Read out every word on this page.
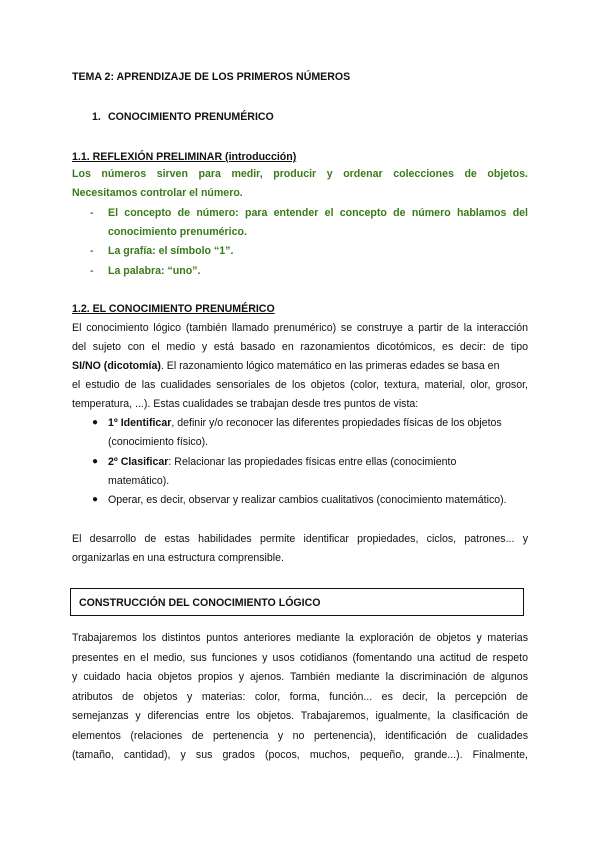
TEMA 2: APRENDIZAJE DE LOS PRIMEROS NÚMEROS
1. CONOCIMIENTO PRENUMÉRICO
1.1. REFLEXIÓN PRELIMINAR (introducción)
Los números sirven para medir, producir y ordenar colecciones de objetos.
Necesitamos controlar el número.
- El concepto de número: para entender el concepto de número hablamos del
conocimiento prenumérico.
- La grafía: el símbolo “1”.
- La palabra: “uno”.
1.2. EL CONOCIMIENTO PRENUMÉRICO
El conocimiento lógico (también llamado prenumérico) se construye a partir de la interacción
del sujeto con el medio y está basado en razonamientos dicotómicos, es decir: de tipo
SI/NO (dicotomía). El razonamiento lógico matemático en las primeras edades se basa en
el estudio de las cualidades sensoriales de los objetos (color, textura, material, olor, grosor,
temperatura, ...). Estas cualidades se trabajan desde tres puntos de vista:
● 1º Identificar, definir y/o reconocer las diferentes propiedades físicas de los objetos
(conocimiento físico).
● 2º Clasificar: Relacionar las propiedades físicas entre ellas (conocimiento
matemático).
● Operar, es decir, observar y realizar cambios cualitativos (conocimiento matemático).
El desarrollo de estas habilidades permite identificar propiedades, ciclos, patrones... y
organizarlas en una estructura comprensible.
CONSTRUCCIÓN DEL CONOCIMIENTO LÓGICO
Trabajaremos los distintos puntos anteriores mediante la exploración de objetos y materias
presentes en el medio, sus funciones y usos cotidianos (fomentando una actitud de respeto
y cuidado hacia objetos propios y ajenos. También mediante la discriminación de algunos
atributos de objetos y materias: color, forma, función... es decir, la percepción de
semejanzas y diferencias entre los objetos. Trabajaremos, igualmente, la clasificación de
elementos (relaciones de pertenencia y no pertenencia), identificación de cualidades
(tamaño, cantidad), y sus grados (pocos, muchos, pequeño, grande...). Finalmente,
